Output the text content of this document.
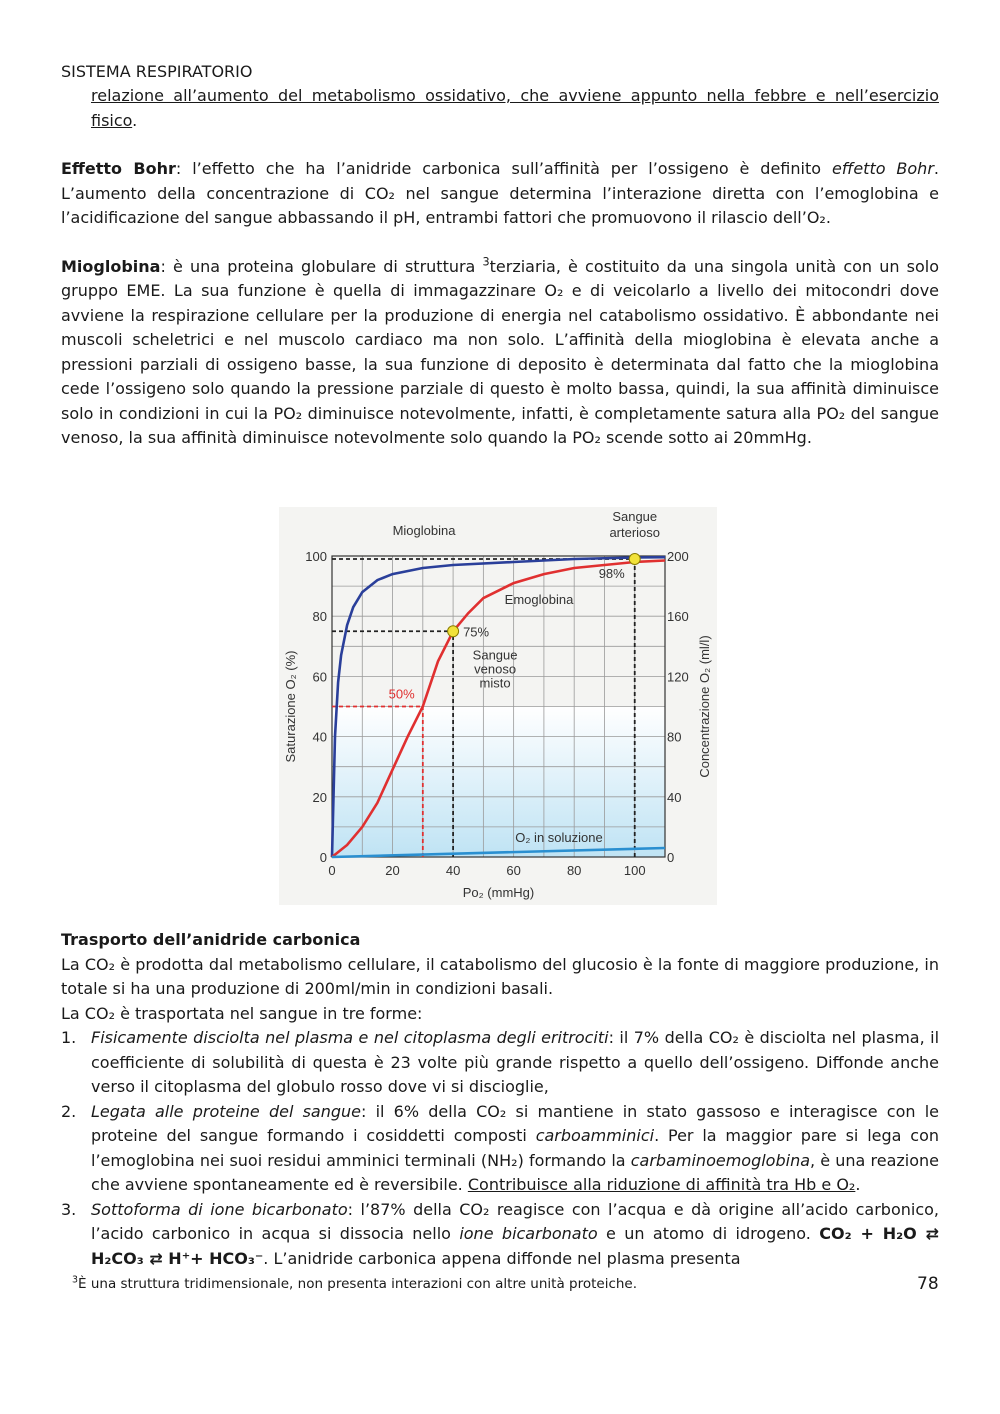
SISTEMA RESPIRATORIO

relazione all’aumento del metabolismo ossidativo, che avviene appunto nella febbre e nell’esercizio fisico.

Effetto Bohr: l’effetto che ha l’anidride carbonica sull’affinità per l’ossigeno è definito effetto Bohr. L’aumento della concentrazione di CO₂ nel sangue determina l’interazione diretta con l’emoglobina e l’acidificazione del sangue abbassando il pH, entrambi fattori che promuovono il rilascio dell’O₂.

Mioglobina: è una proteina globulare di struttura $^3$terziaria, è costituito da una singola unità con un solo gruppo EME. La sua funzione è quella di immagazzinare O₂ e di veicolarlo a livello dei mitocondri dove avviene la respirazione cellulare per la produzione di energia nel catabolismo ossidativo. È abbondante nei muscoli scheletrici e nel muscolo cardiaco ma non solo. L’affinità della mioglobina è elevata anche a pressioni parziali di ossigeno basse, la sua funzione di deposito è determinata dal fatto che la mioglobina cede l’ossigeno solo quando la pressione parziale di questo è molto bassa, quindi, la sua affinità diminuisce solo in condizioni in cui la PO₂ diminuisce notevolmente, infatti, è completamente satura alla PO₂ del sangue venoso, la sua affinità diminuisce notevolmente solo quando la PO₂ scende sotto ai 20mmHg.

0	20	40	60	80	100
0
20
40
60
80
100
0
40
80
120
160
200
Po₂ (mmHg)
Saturazione O₂ (%)	Concentrazione O₂ (ml/l)
Mioglobina
Emoglobina
O₂ in soluzione
Sangue
arterioso
98%
75%
Sangue
venoso
misto
50%

Trasporto dell’anidride carbonica

La CO₂ è prodotta dal metabolismo cellulare, il catabolismo del glucosio è la fonte di maggiore produzione, in totale si ha una produzione di 200ml/min in condizioni basali.

La CO₂ è trasportata nel sangue in tre forme:

1. Fisicamente disciolta nel plasma e nel citoplasma degli eritrociti: il 7% della CO₂ è disciolta nel plasma, il coefficiente di solubilità di questa è 23 volte più grande rispetto a quello dell’ossigeno. Diffonde anche verso il citoplasma del globulo rosso dove vi si discioglie,
2. Legata alle proteine del sangue: il 6% della CO₂ si mantiene in stato gassoso e interagisce con le proteine del sangue formando i cosiddetti composti carboamminici. Per la maggior pare si lega con l’emoglobina nei suoi residui amminici terminali (NH₂) formando la carbaminoemoglobina, è una reazione che avviene spontaneamente ed è reversibile. Contribuisce alla riduzione di affinità tra Hb e O₂.
3. Sottoforma di ione bicarbonato: l’87% della CO₂ reagisce con l’acqua e dà origine all’acido carbonico, l’acido carbonico in acqua si dissocia nello ione bicarbonato e un atomo di idrogeno. CO₂ + H₂O ⇄ H₂CO₃ ⇄ H⁺+ HCO₃⁻. L’anidride carbonica appena diffonde nel plasma presenta
$^3$È una struttura tridimensionale, non presenta interazioni con altre unità proteiche.	78
